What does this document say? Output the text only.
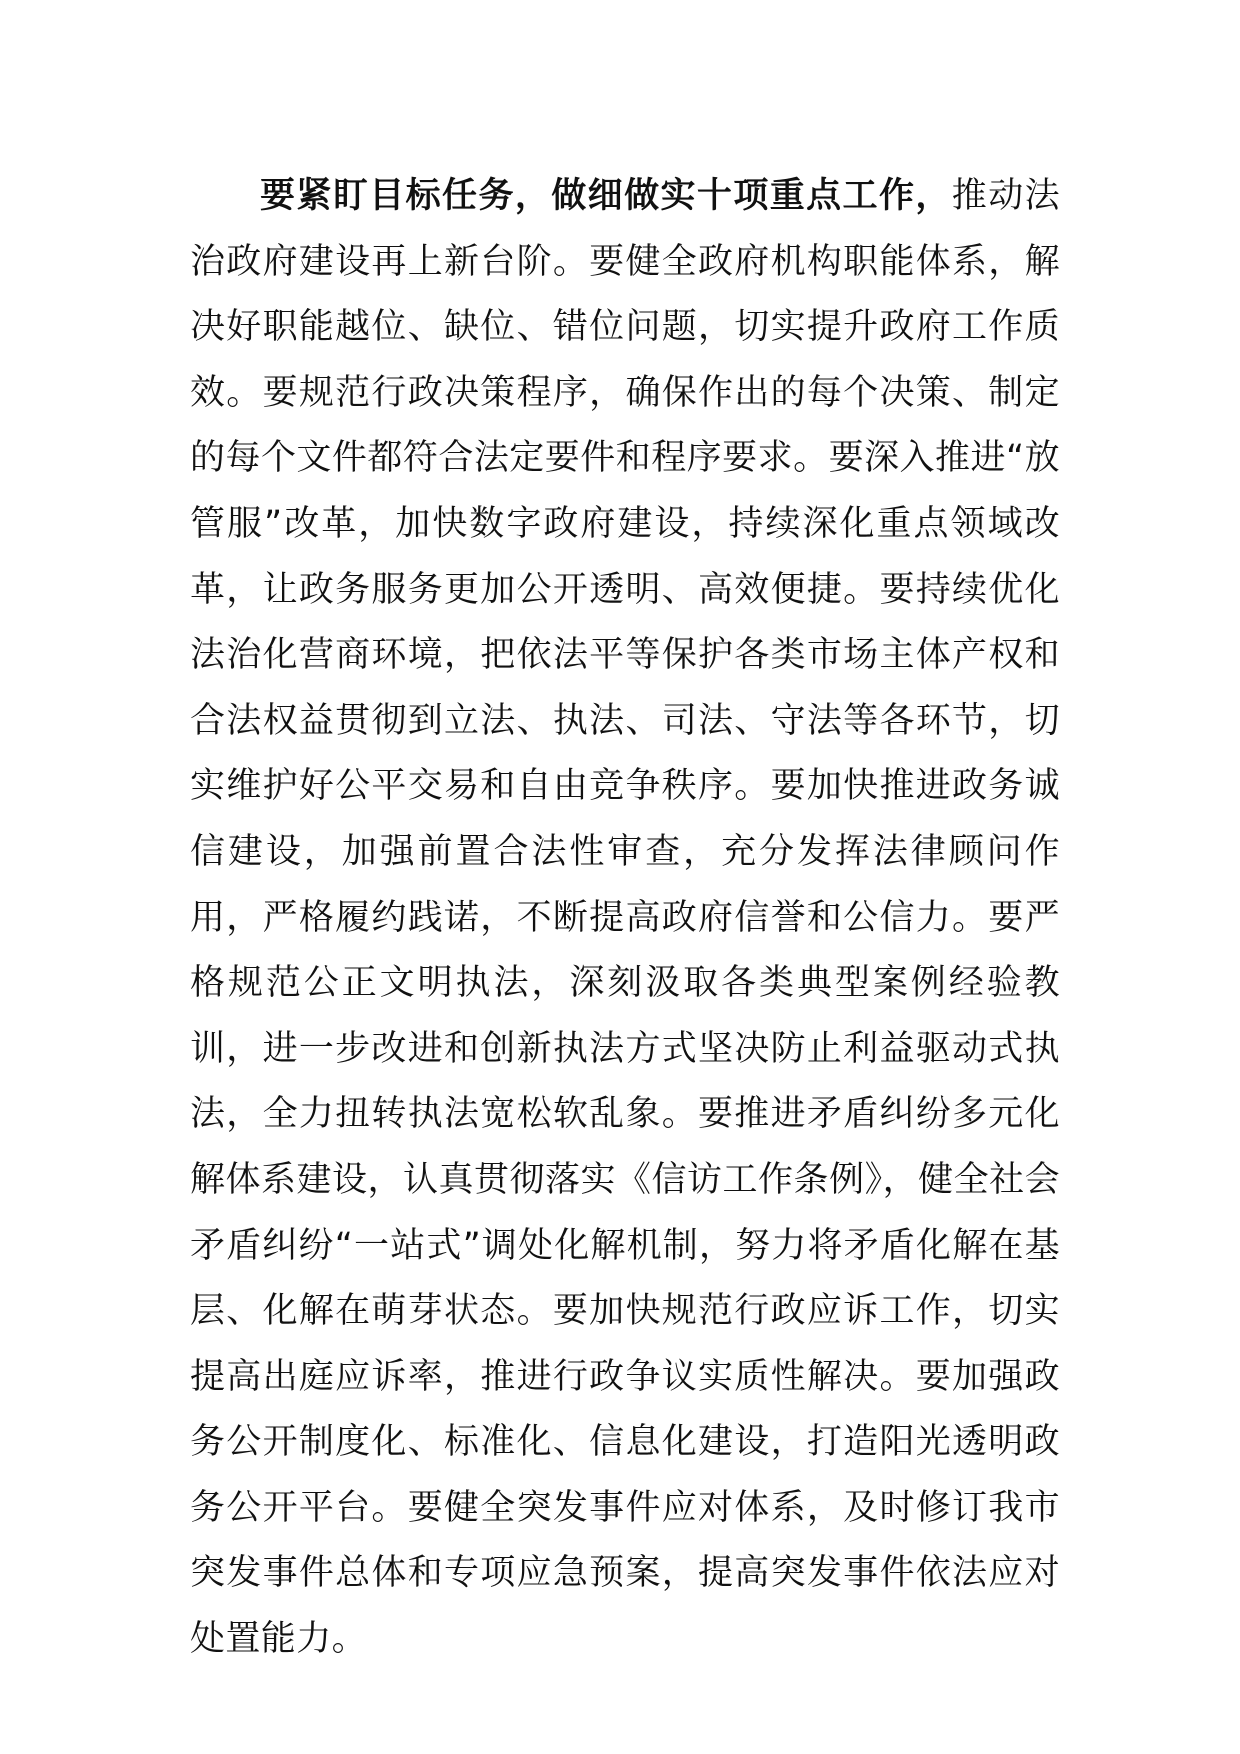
要紧盯目标任务，做细做实十项重点工作，推动法治政府建设再上新台阶。要健全政府机构职能体系，解决好职能越位、缺位、错位问题，切实提升政府工作质效。要规范行政决策程序，确保作出的每个决策、制定的每个文件都符合法定要件和程序要求。要深入推进“放管服”改革，加快数字政府建设，持续深化重点领域改革，让政务服务更加公开透明、高效便捷。要持续优化法治化营商环境，把依法平等保护各类市场主体产权和合法权益贯彻到立法、执法、司法、守法等各环节，切实维护好公平交易和自由竞争秩序。要加快推进政务诚信建设，加强前置合法性审查，充分发挥法律顾问作用，严格履约践诺，不断提高政府信誉和公信力。要严格规范公正文明执法，深刻汲取各类典型案例经验教训，进一步改进和创新执法方式坚决防止利益驱动式执法，全力扭转执法宽松软乱象。要推进矛盾纠纷多元化解体系建设，认真贯彻落实《信访工作条例》，健全社会矛盾纠纷“一站式”调处化解机制，努力将矛盾化解在基层、化解在萌芽状态。要加快规范行政应诉工作，切实提高出庭应诉率，推进行政争议实质性解决。要加强政务公开制度化、标准化、信息化建设，打造阳光透明政务公开平台。要健全突发事件应对体系，及时修订我市突发事件总体和专项应急预案，提高突发事件依法应对处置能力。
